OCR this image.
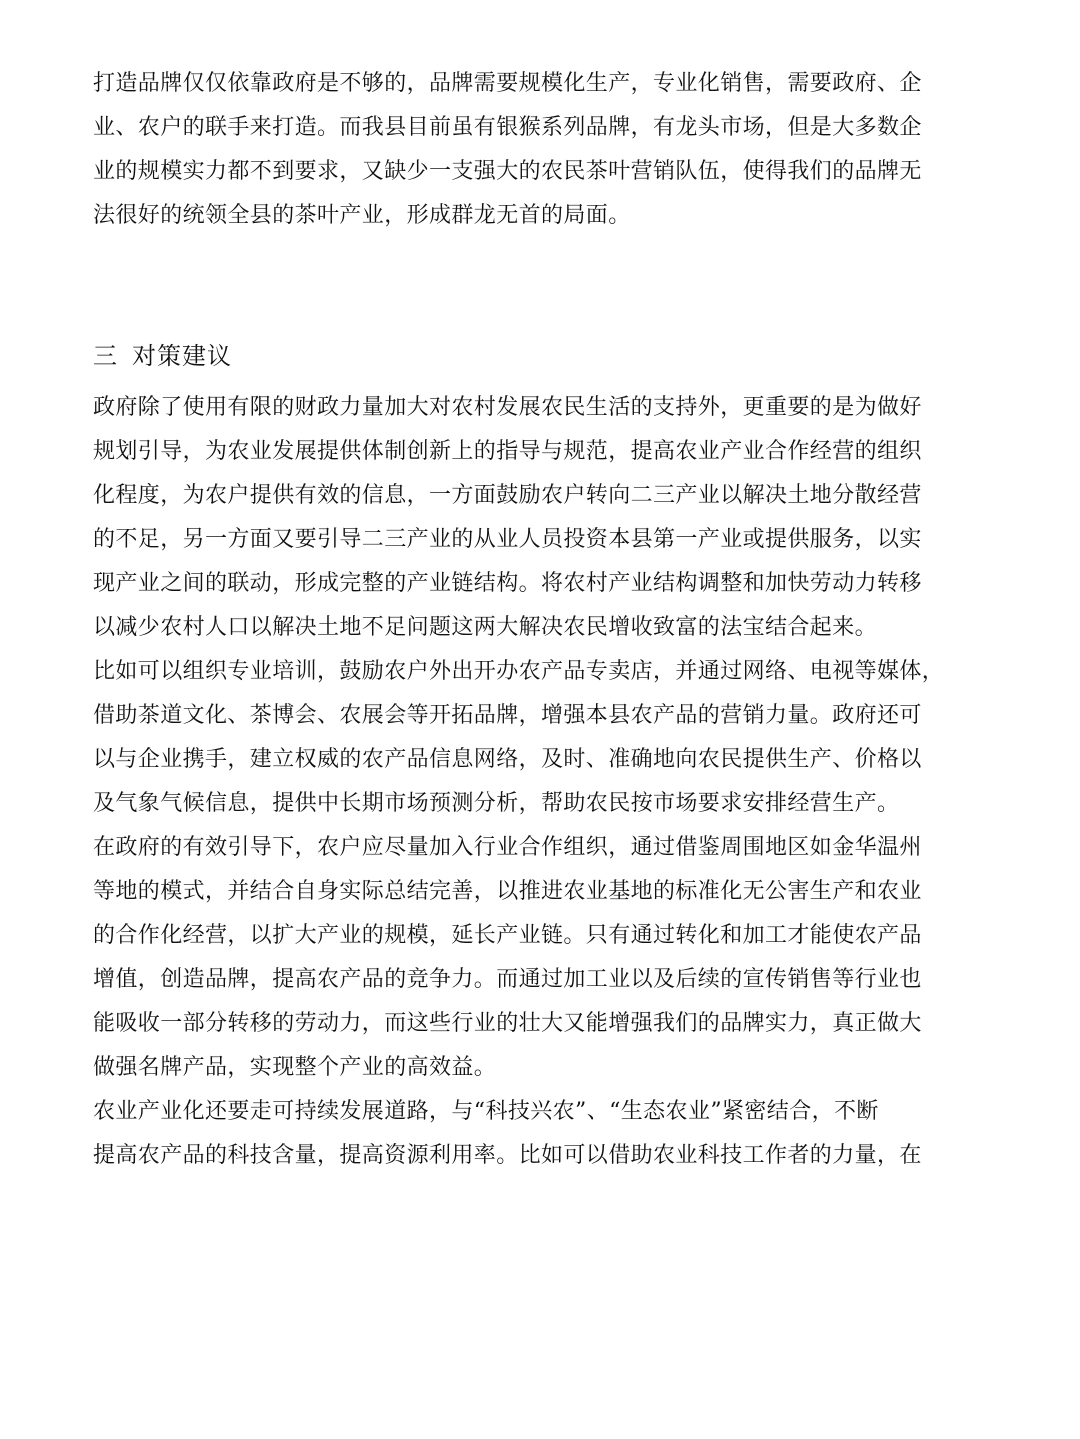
打造品牌仅仅依靠政府是不够的，品牌需要规模化生产，专业化销售，需要政府、企
业、农户的联手来打造。而我县目前虽有银猴系列品牌，有龙头市场，但是大多数企
业的规模实力都不到要求，又缺少一支强大的农民茶叶营销队伍，使得我们的品牌无
法很好的统领全县的茶叶产业，形成群龙无首的局面。
三 对策建议
政府除了使用有限的财政力量加大对农村发展农民生活的支持外，更重要的是为做好
规划引导，为农业发展提供体制创新上的指导与规范，提高农业产业合作经营的组织
化程度，为农户提供有效的信息，一方面鼓励农户转向二三产业以解决土地分散经营
的不足，另一方面又要引导二三产业的从业人员投资本县第一产业或提供服务，以实
现产业之间的联动，形成完整的产业链结构。将农村产业结构调整和加快劳动力转移
以减少农村人口以解决土地不足问题这两大解决农民增收致富的法宝结合起来。
比如可以组织专业培训，鼓励农户外出开办农产品专卖店，并通过网络、电视等媒体，
借助茶道文化、茶博会、农展会等开拓品牌，增强本县农产品的营销力量。政府还可
以与企业携手，建立权威的农产品信息网络，及时、准确地向农民提供生产、价格以
及气象气候信息，提供中长期市场预测分析，帮助农民按市场要求安排经营生产。
在政府的有效引导下，农户应尽量加入行业合作组织，通过借鉴周围地区如金华温州
等地的模式，并结合自身实际总结完善，以推进农业基地的标准化无公害生产和农业
的合作化经营，以扩大产业的规模，延长产业链。只有通过转化和加工才能使农产品
增值，创造品牌，提高农产品的竞争力。而通过加工业以及后续的宣传销售等行业也
能吸收一部分转移的劳动力，而这些行业的壮大又能增强我们的品牌实力，真正做大
做强名牌产品，实现整个产业的高效益。
农业产业化还要走可持续发展道路，与“科技兴农”、“生态农业”紧密结合，不断
提高农产品的科技含量，提高资源利用率。比如可以借助农业科技工作者的力量，在
